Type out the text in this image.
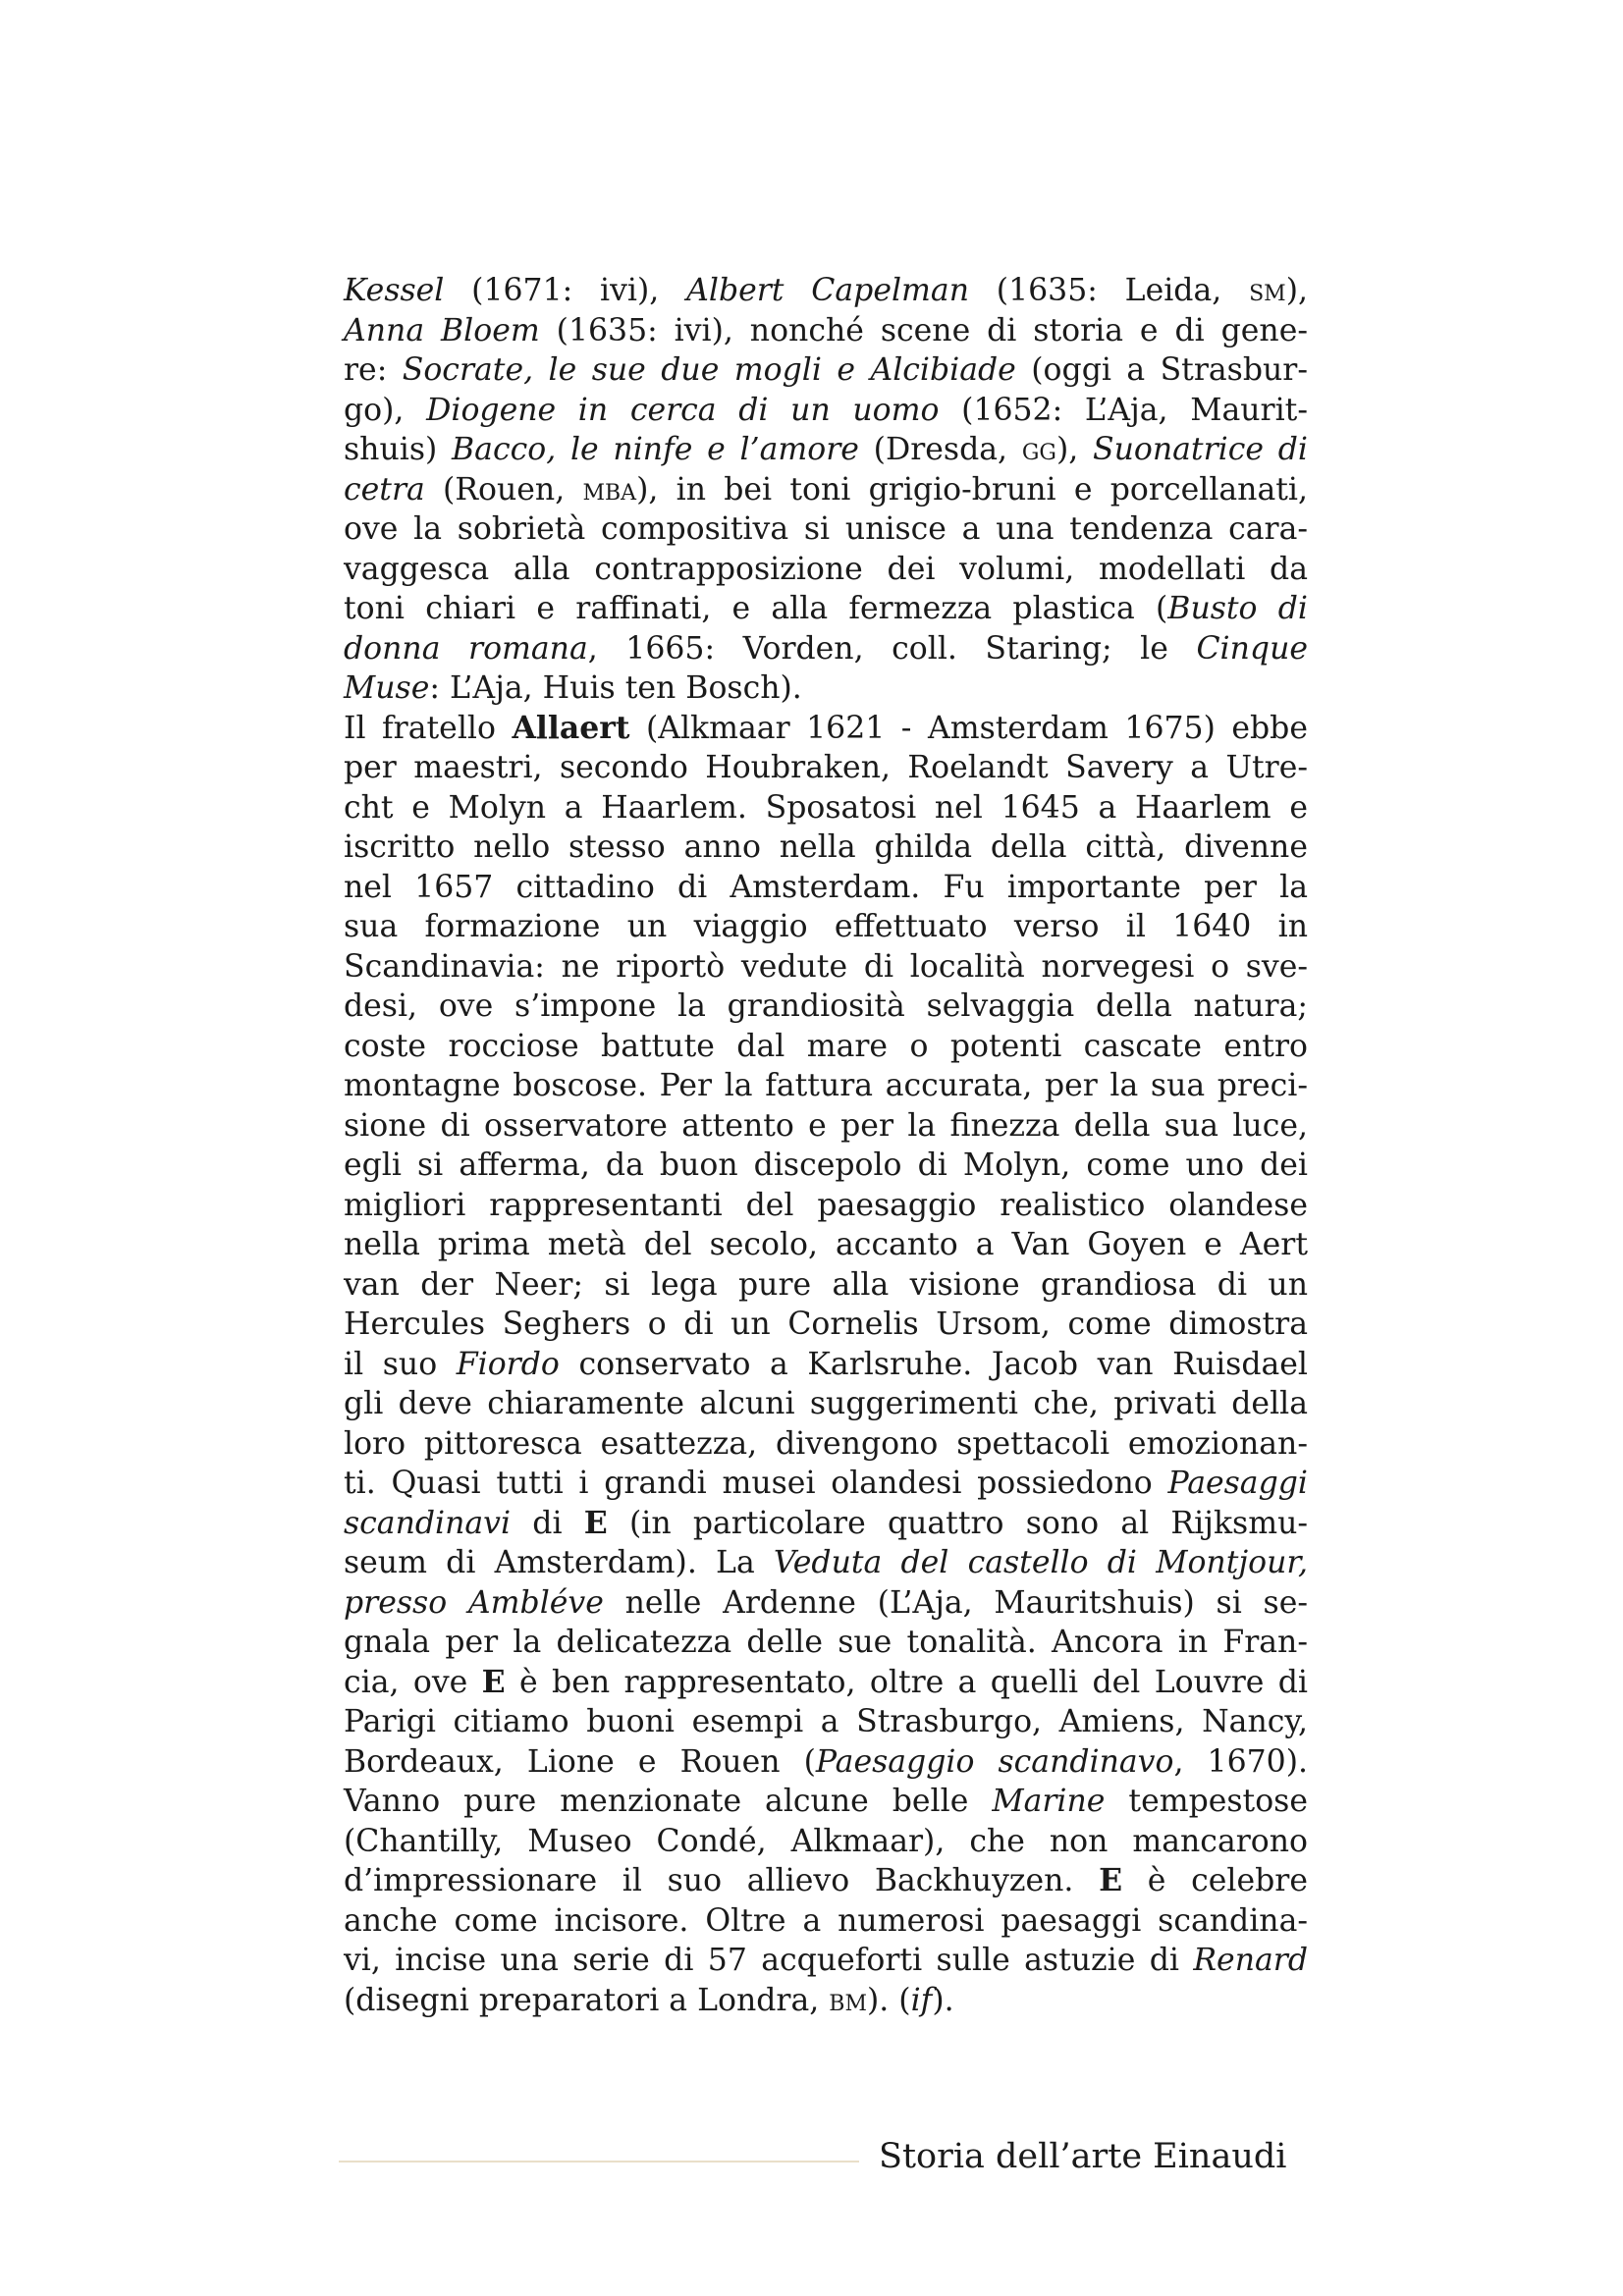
Kessel (1671: ivi), Albert Capelman (1635: Leida, sm),
Anna Bloem (1635: ivi), nonché scene di storia e di gene-
re: Socrate, le sue due mogli e Alcibiade (oggi a Strasbur-
go), Diogene in cerca di un uomo (1652: L’Aja, Maurit-
shuis) Bacco, le ninfe e l’amore (Dresda, gg), Suonatrice di
cetra (Rouen, mba), in bei toni grigio-bruni e porcellanati,
ove la sobrietà compositiva si unisce a una tendenza cara-
vaggesca alla contrapposizione dei volumi, modellati da
toni chiari e raffinati, e alla fermezza plastica (Busto di
donna romana, 1665: Vorden, coll. Staring; le Cinque
Muse: L’Aja, Huis ten Bosch).
Il fratello Allaert (Alkmaar 1621 - Amsterdam 1675) ebbe
per maestri, secondo Houbraken, Roelandt Savery a Utre-
cht e Molyn a Haarlem. Sposatosi nel 1645 a Haarlem e
iscritto nello stesso anno nella ghilda della città, divenne
nel 1657 cittadino di Amsterdam. Fu importante per la
sua formazione un viaggio effettuato verso il 1640 in
Scandinavia: ne riportò vedute di località norvegesi o sve-
desi, ove s’impone la grandiosità selvaggia della natura;
coste rocciose battute dal mare o potenti cascate entro
montagne boscose. Per la fattura accurata, per la sua preci-
sione di osservatore attento e per la finezza della sua luce,
egli si afferma, da buon discepolo di Molyn, come uno dei
migliori rappresentanti del paesaggio realistico olandese
nella prima metà del secolo, accanto a Van Goyen e Aert
van der Neer; si lega pure alla visione grandiosa di un
Hercules Seghers o di un Cornelis Ursom, come dimostra
il suo Fiordo conservato a Karlsruhe. Jacob van Ruisdael
gli deve chiaramente alcuni suggerimenti che, privati della
loro pittoresca esattezza, divengono spettacoli emozionan-
ti. Quasi tutti i grandi musei olandesi possiedono Paesaggi
scandinavi di E (in particolare quattro sono al Rijksmu-
seum di Amsterdam). La Veduta del castello di Montjour,
presso Ambléve nelle Ardenne (L’Aja, Mauritshuis) si se-
gnala per la delicatezza delle sue tonalità. Ancora in Fran-
cia, ove E è ben rappresentato, oltre a quelli del Louvre di
Parigi citiamo buoni esempi a Strasburgo, Amiens, Nancy,
Bordeaux, Lione e Rouen (Paesaggio scandinavo, 1670).
Vanno pure menzionate alcune belle Marine tempestose
(Chantilly, Museo Condé, Alkmaar), che non mancarono
d’impressionare il suo allievo Backhuyzen. E è celebre
anche come incisore. Oltre a numerosi paesaggi scandina-
vi, incise una serie di 57 acqueforti sulle astuzie di Renard
(disegni preparatori a Londra, bm). (if).
Storia dell’arte Einaudi
